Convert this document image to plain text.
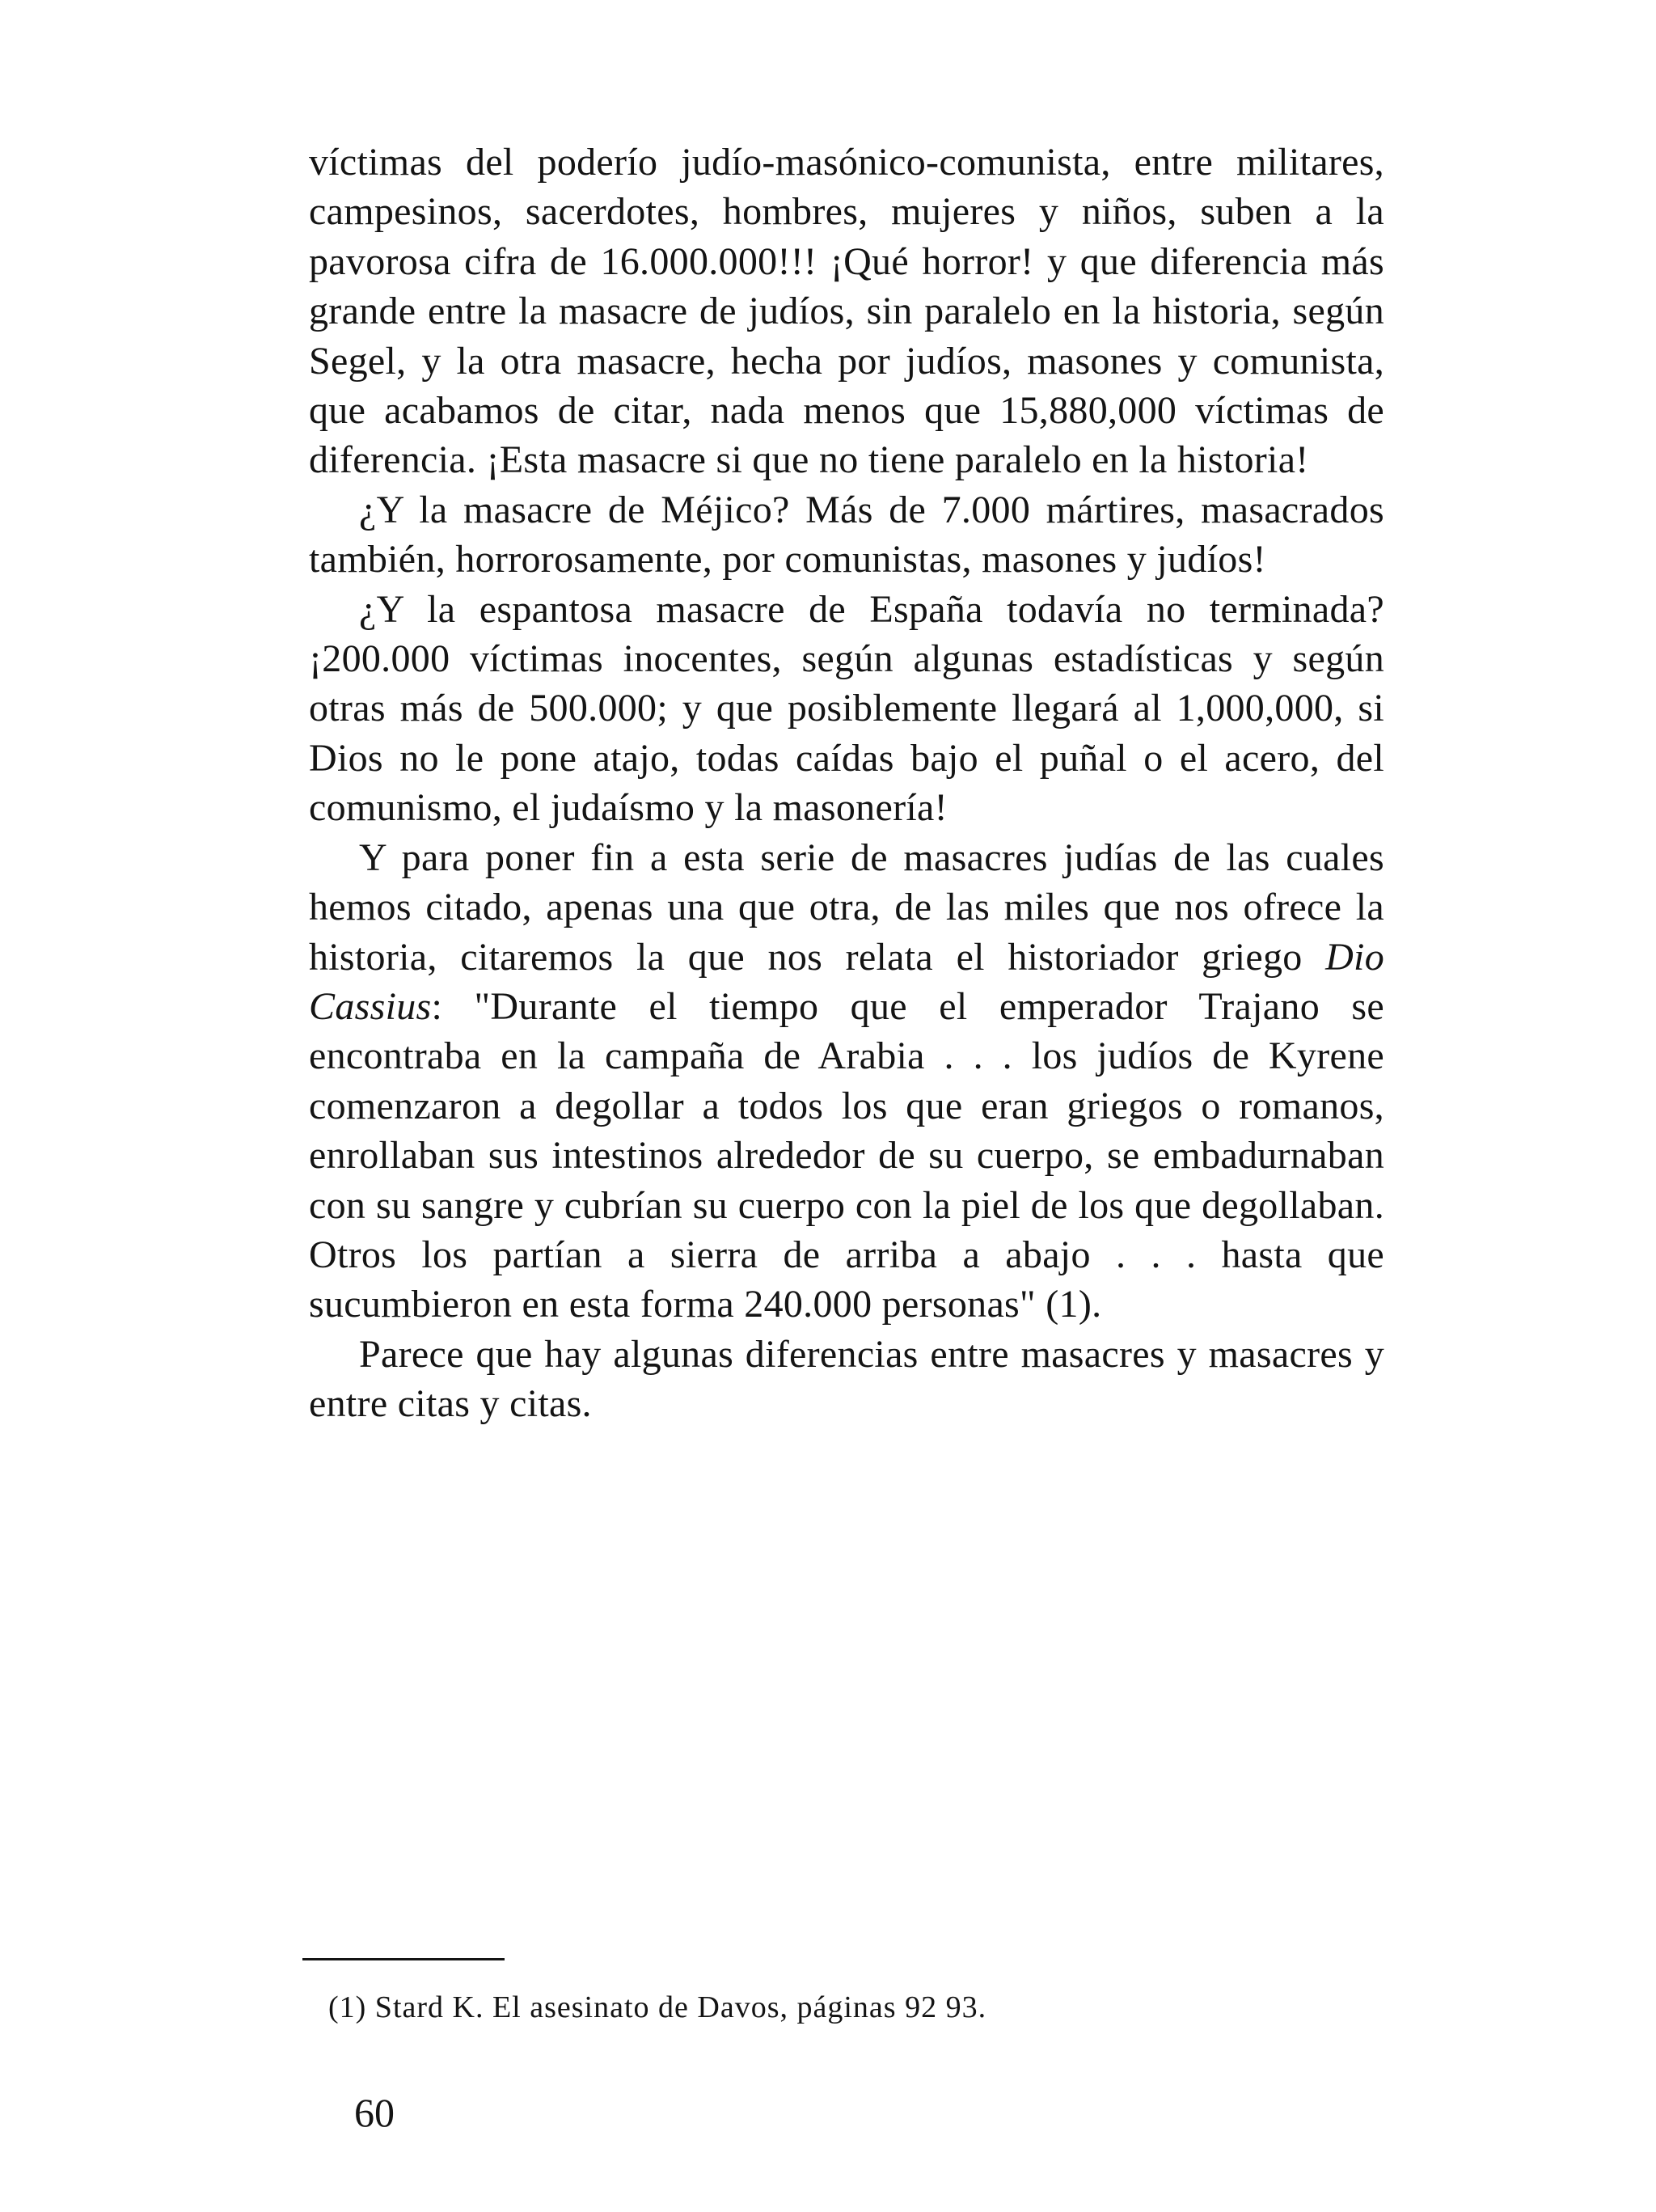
víctimas del poderío judío-masónico-comunista, entre militares, campesinos, sacerdotes, hombres, mujeres y niños, suben a la pavorosa cifra de 16.000.000!!! ¡Qué horror! y que diferencia más grande entre la masacre de judíos, sin paralelo en la historia, según Segel, y la otra masacre, hecha por judíos, masones y comunista, que acabamos de citar, nada menos que 15,880,000 víctimas de diferencia. ¡Esta masacre si que no tiene paralelo en la historia!

¿Y la masacre de Méjico? Más de 7.000 mártires, masacrados también, horrorosamente, por comunistas, masones y judíos!

¿Y la espantosa masacre de España todavía no terminada? ¡200.000 víctimas inocentes, según algunas estadísticas y según otras más de 500.000; y que posiblemente llegará al 1,000,000, si Dios no le pone atajo, todas caídas bajo el puñal o el acero, del comunismo, el judaísmo y la masonería!

Y para poner fin a esta serie de masacres judías de las cuales hemos citado, apenas una que otra, de las miles que nos ofrece la historia, citaremos la que nos relata el historiador griego Dio Cassius: "Durante el tiempo que el emperador Trajano se encontraba en la campaña de Arabia . . . los judíos de Kyrene comenzaron a degollar a todos los que eran griegos o romanos, enrollaban sus intestinos alrededor de su cuerpo, se embadurnaban con su sangre y cubrían su cuerpo con la piel de los que degollaban. Otros los partían a sierra de arriba a abajo . . . hasta que sucumbieron en esta forma 240.000 personas" (1).

Parece que hay algunas diferencias entre masacres y masacres y entre citas y citas.

(1) Stard K. El asesinato de Davos, páginas 92 93.
60
